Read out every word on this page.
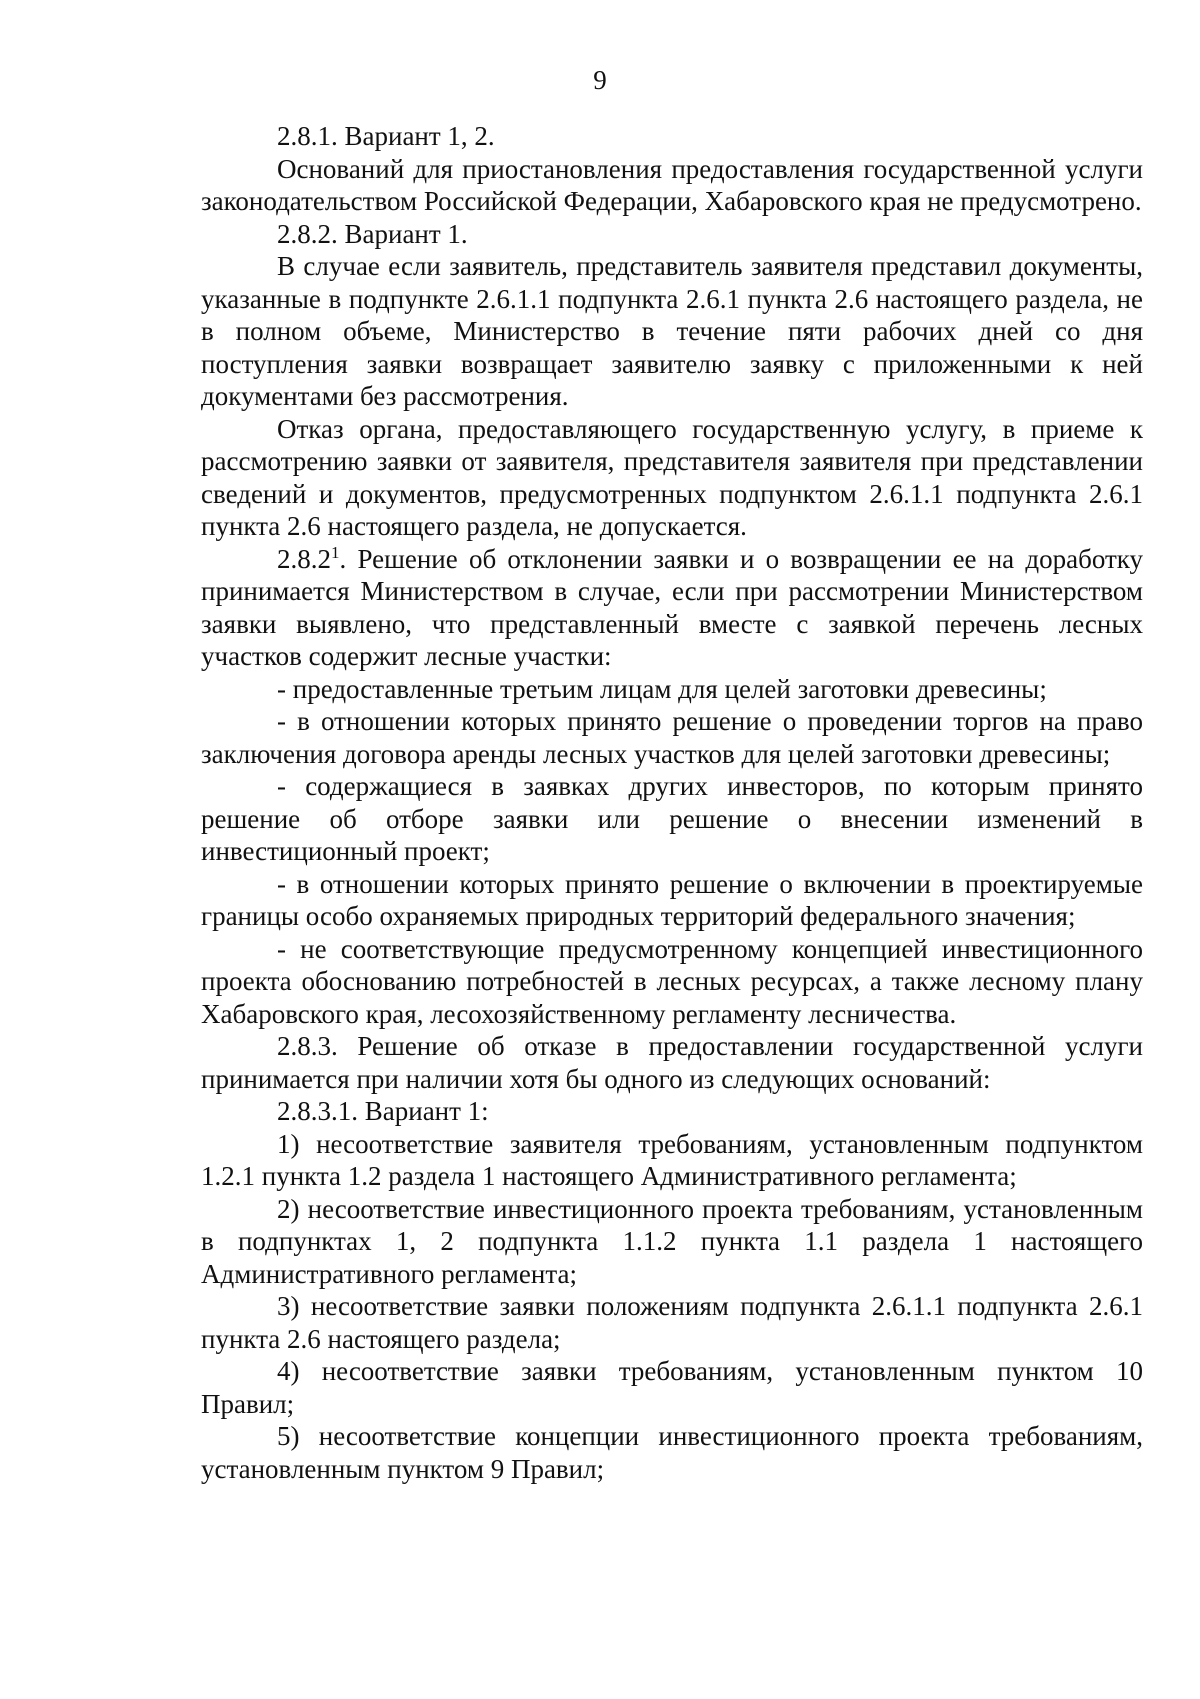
9

2.8.1. Вариант 1, 2.

Оснований для приостановления предоставления государственной услуги законодательством Российской Федерации, Хабаровского края не предусмотрено.

2.8.2. Вариант 1.

В случае если заявитель, представитель заявителя представил документы, указанные в подпункте 2.6.1.1 подпункта 2.6.1 пункта 2.6 настоящего раздела, не в полном объеме, Министерство в течение пяти рабочих дней со дня поступления заявки возвращает заявителю заявку с приложенными к ней документами без рассмотрения.

Отказ органа, предоставляющего государственную услугу, в приеме к рассмотрению заявки от заявителя, представителя заявителя при представлении сведений и документов, предусмотренных подпунктом 2.6.1.1 подпункта 2.6.1 пункта 2.6 настоящего раздела, не допускается.

2.8.2$^1$. Решение об отклонении заявки и о возвращении ее на доработку принимается Министерством в случае, если при рассмотрении Министерством заявки выявлено, что представленный вместе с заявкой перечень лесных участков содержит лесные участки:

- предоставленные третьим лицам для целей заготовки древесины;

- в отношении которых принято решение о проведении торгов на право заключения договора аренды лесных участков для целей заготовки древесины;

- содержащиеся в заявках других инвесторов, по которым принято решение об отборе заявки или решение о внесении изменений в инвестиционный проект;

- в отношении которых принято решение о включении в проектируемые границы особо охраняемых природных территорий федерального значения;

- не соответствующие предусмотренному концепцией инвестиционного проекта обоснованию потребностей в лесных ресурсах, а также лесному плану Хабаровского края, лесохозяйственному регламенту лесничества.

2.8.3. Решение об отказе в предоставлении государственной услуги принимается при наличии хотя бы одного из следующих оснований:

2.8.3.1. Вариант 1:

1) несоответствие заявителя требованиям, установленным подпунктом 1.2.1 пункта 1.2 раздела 1 настоящего Административного регламента;

2) несоответствие инвестиционного проекта требованиям, установленным в подпунктах 1, 2 подпункта 1.1.2 пункта 1.1 раздела 1 настоящего Административного регламента;

3) несоответствие заявки положениям подпункта 2.6.1.1 подпункта 2.6.1 пункта 2.6 настоящего раздела;

4) несоответствие заявки требованиям, установленным пунктом 10 Правил;

5) несоответствие концепции инвестиционного проекта требованиям, установленным пунктом 9 Правил;
